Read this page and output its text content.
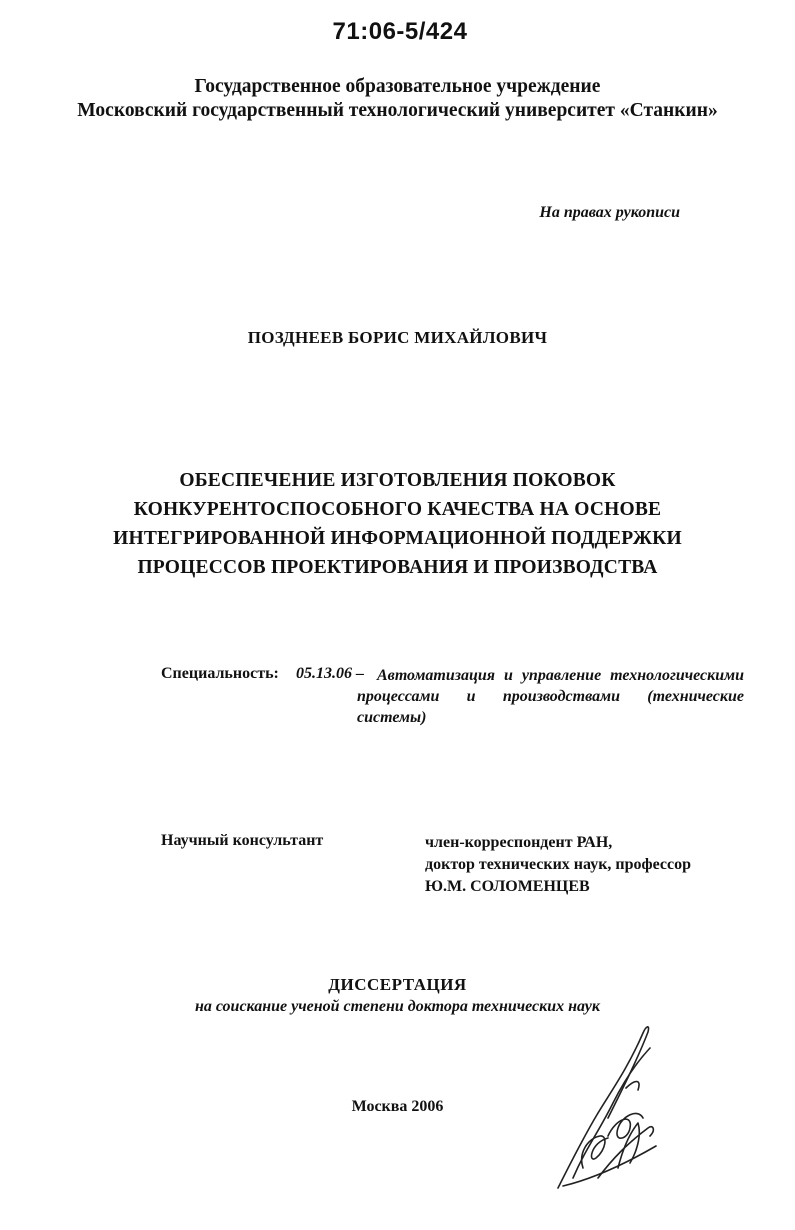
71:06-5/424
Государственное образовательное учреждение
Московский государственный технологический университет «Станкин»
На правах рукописи
ПОЗДНЕЕВ БОРИС МИХАЙЛОВИЧ
ОБЕСПЕЧЕНИЕ ИЗГОТОВЛЕНИЯ ПОКОВОК
КОНКУРЕНТОСПОСОБНОГО КАЧЕСТВА НА ОСНОВЕ
ИНТЕГРИРОВАННОЙ ИНФОРМАЦИОННОЙ ПОДДЕРЖКИ
ПРОЦЕССОВ ПРОЕКТИРОВАНИЯ И ПРОИЗВОДСТВА
Специальность: 05.13.06 – Автоматизация и управление технологическими процессами и производствами (технические системы)
Научный консультант	член-корреспондент РАН,
доктор технических наук, профессор
Ю.М. СОЛОМЕНЦЕВ
ДИССЕРТАЦИЯ
на соискание ученой степени доктора технических наук
Москва 2006
